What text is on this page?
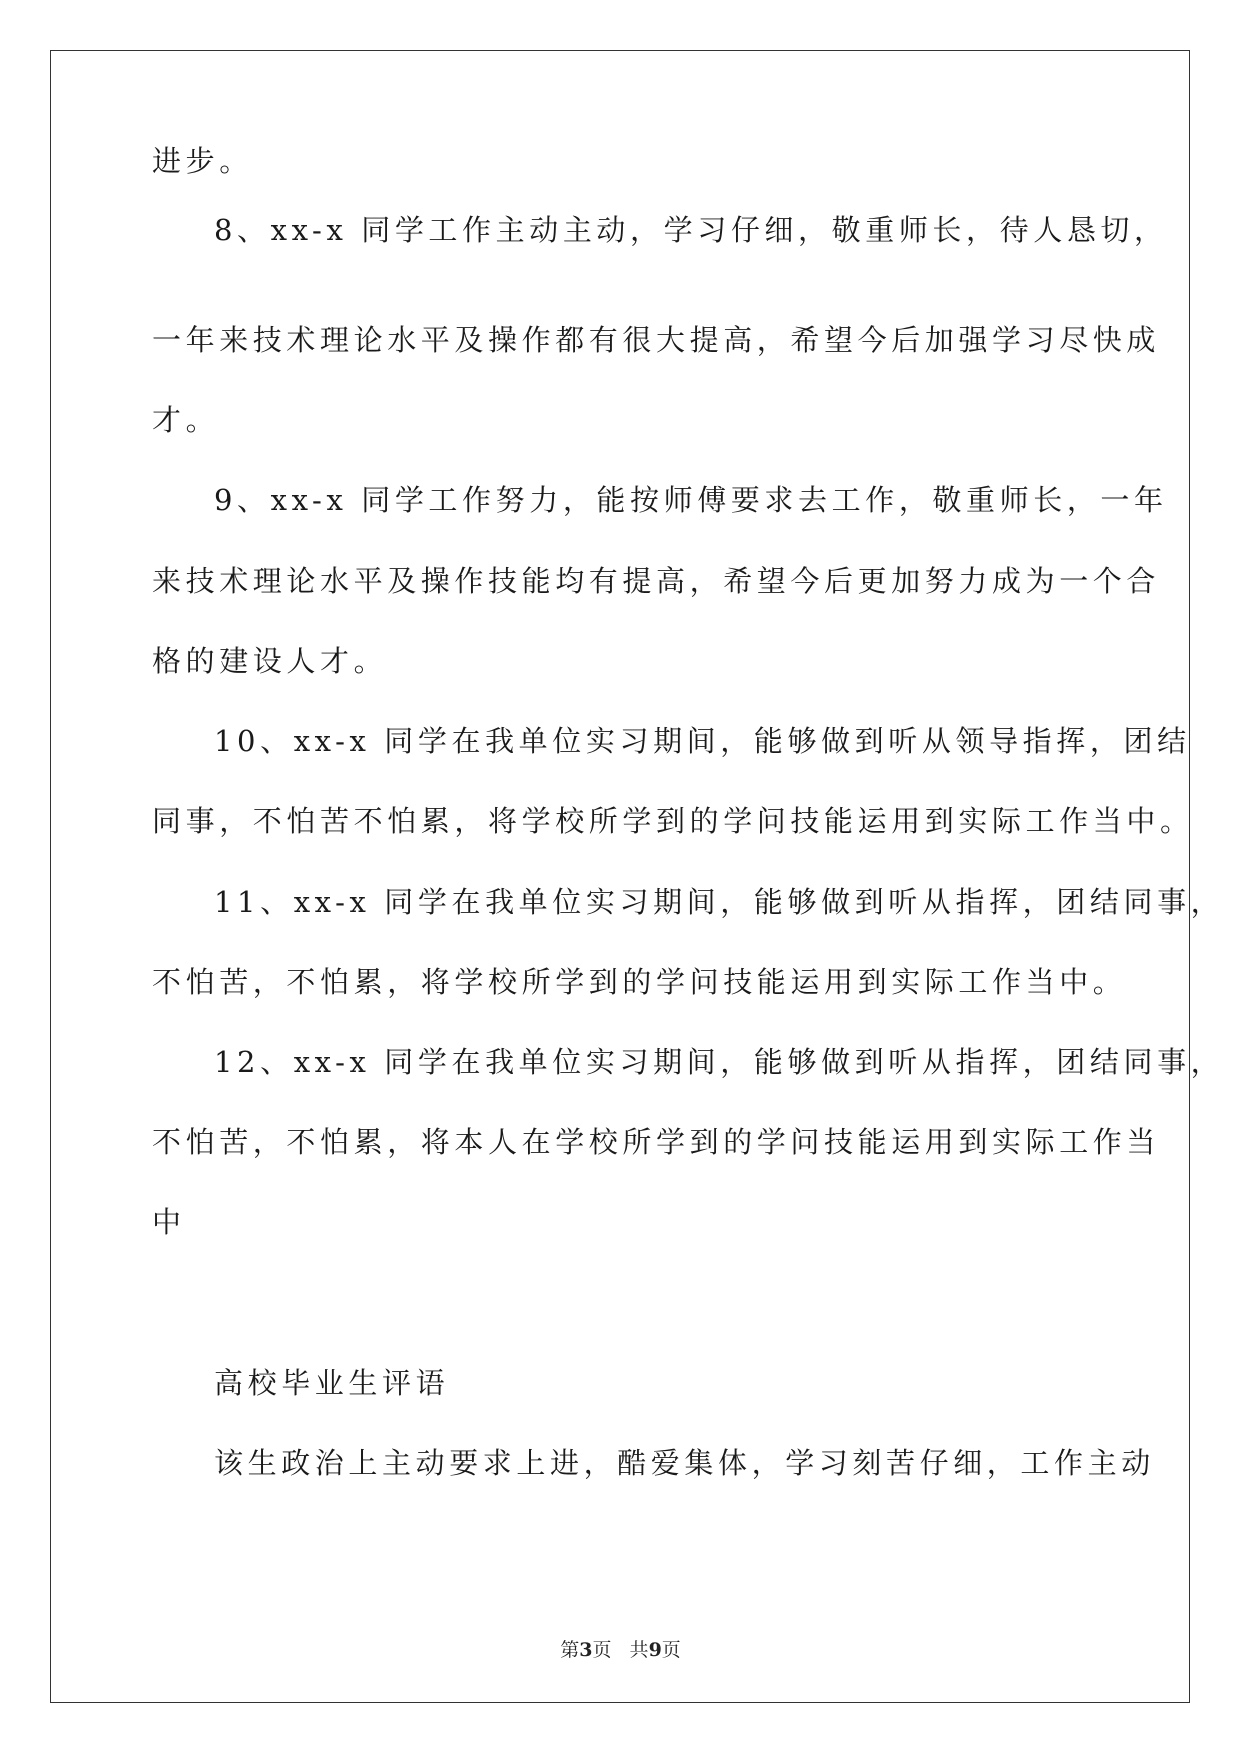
进步。

8、xx-x 同学工作主动主动，学习仔细，敬重师长，待人恳切，

一年来技术理论水平及操作都有很大提高，希望今后加强学习尽快成

才。

9、xx-x 同学工作努力，能按师傅要求去工作，敬重师长，一年

来技术理论水平及操作技能均有提高，希望今后更加努力成为一个合

格的建设人才。

10、xx-x 同学在我单位实习期间，能够做到听从领导指挥，团结

同事，不怕苦不怕累，将学校所学到的学问技能运用到实际工作当中。

11、xx-x 同学在我单位实习期间，能够做到听从指挥，团结同事，

不怕苦，不怕累，将学校所学到的学问技能运用到实际工作当中。

12、xx-x 同学在我单位实习期间，能够做到听从指挥，团结同事，

不怕苦，不怕累，将本人在学校所学到的学问技能运用到实际工作当

中

高校毕业生评语

该生政治上主动要求上进，酷爱集体，学习刻苦仔细，工作主动

第3页   共9页
